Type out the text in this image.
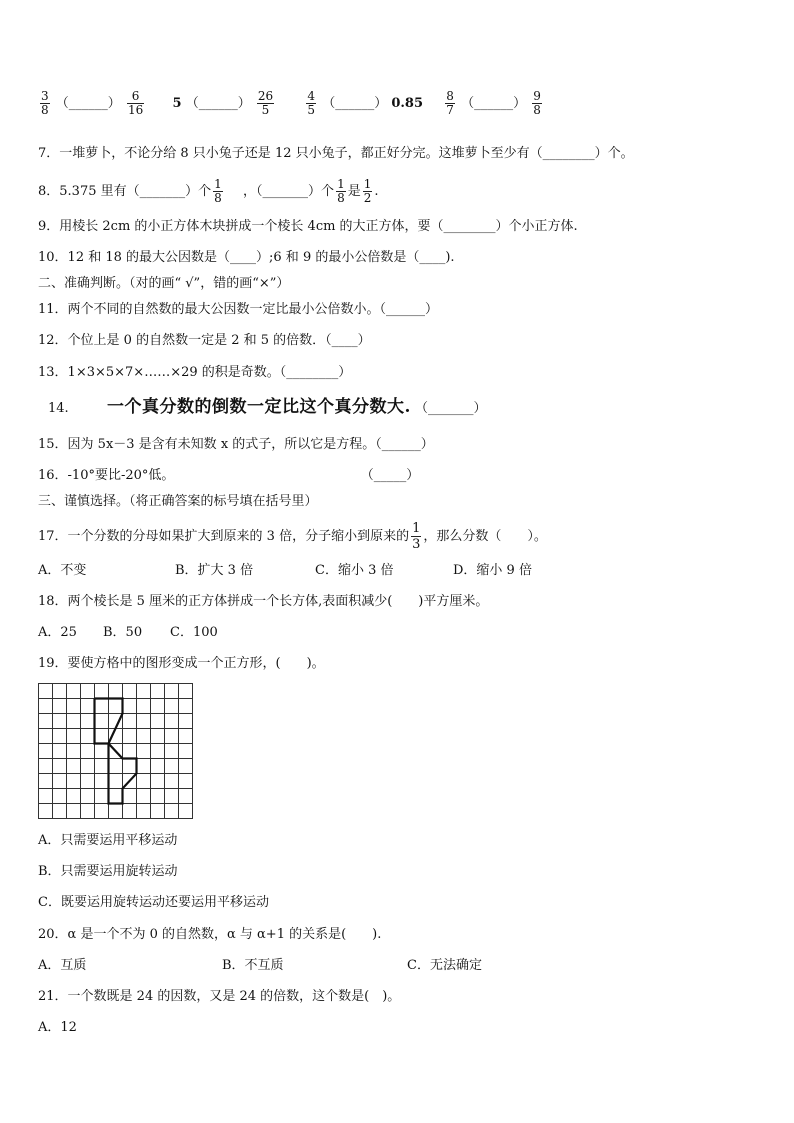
$\frac{3}{8}$ （______） $\frac{6}{16} 5$ （______） $\frac{26}{5}$
	$\frac{4}{5}$ （______） $0.85 \frac{8}{7}$ （______） $\frac{9}{8}$
7．一堆萝卜，不论分给 8 只小兔子还是 12 只小兔子，都正好分完。这堆萝卜至少有（________）个。
8．5.375 里有（_______）个 $\frac{1}{8}$ ，（_______）个 $\frac{1}{8}$ 是 $\frac{1}{2}$ .
9．用棱长 2cm 的小正方体木块拼成一个棱长 4cm 的大正方体，要（________）个小正方体.
10．12 和 18 的最大公因数是（____）;6 和 9 的最小公倍数是（____).
二、准确判断。（对的画“ √”，错的画“×”）
11．两个不同的自然数的最大公因数一定比最小公倍数小。（______）
12．个位上是 0 的自然数一定是 2 和 5 的倍数．（____）
13．1×3×5×7×……×29 的积是奇数。（________）
14. 一个真分数的倒数一定比这个真分数大. （_______）
15．因为 5x－3 是含有未知数 x 的式子，所以它是方程。（______）
16．-10°要比-20°低。	（_____）
三、谨慎选择。（将正确答案的标号填在括号里）
17．一个分数的分母如果扩大到原来的 3 倍，分子缩小到原来的 $\frac{1}{3}$ ，那么分数（　　）。
A．不变	B．扩大 3 倍	C．缩小 3 倍	D．缩小 9 倍
18．两个棱长是 5 厘米的正方体拼成一个长方体,表面积减少(　　)平方厘米。
A．25 B．50 C．100
19．要使方格中的图形变成一个正方形，(　　)。
A．只需要运用平移运动
B．只需要运用旋转运动
C．既要运用旋转运动还要运用平移运动
20．α 是一个不为 0 的自然数，α 与 α+1 的关系是(　　).
A．互质	B．不互质	C．无法确定
21．一个数既是 24 的因数，又是 24 的倍数，这个数是(　)。
A．12
